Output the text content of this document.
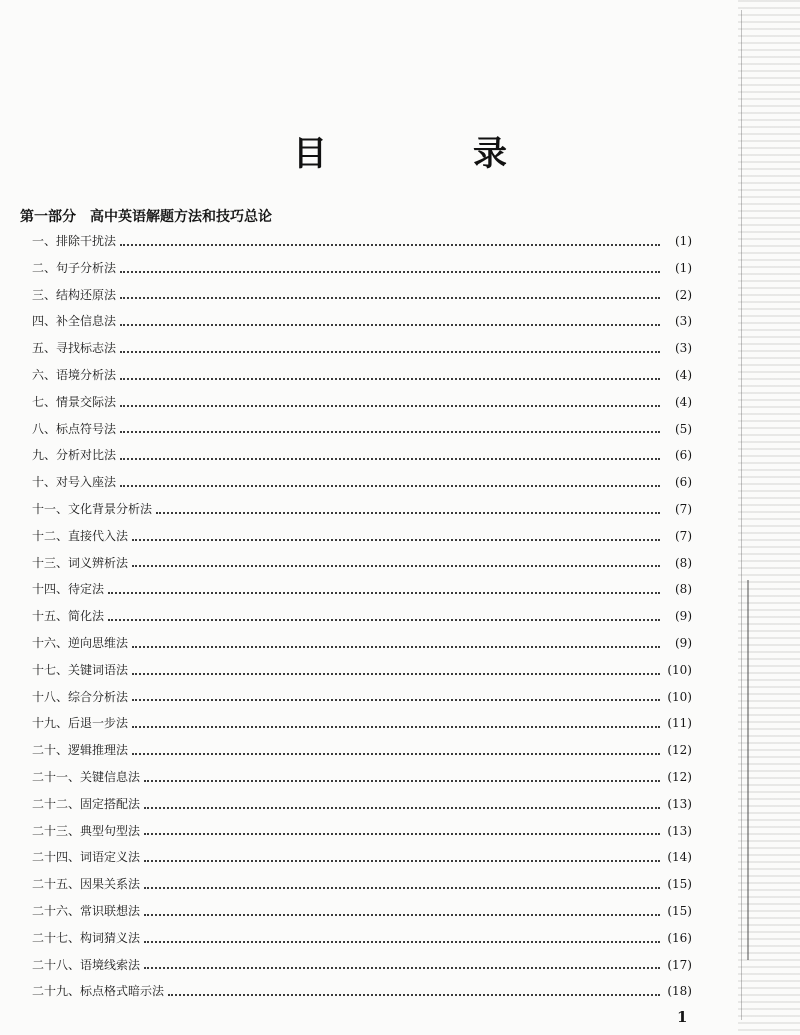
目　录
第一部分 高中英语解题方法和技巧总论
一、排除干扰法	(1)
二、句子分析法	(1)
三、结构还原法	(2)
四、补全信息法	(3)
五、寻找标志法	(3)
六、语境分析法	(4)
七、情景交际法	(4)
八、标点符号法	(5)
九、分析对比法	(6)
十、对号入座法	(6)
十一、文化背景分析法	(7)
十二、直接代入法	(7)
十三、词义辨析法	(8)
十四、待定法	(8)
十五、简化法	(9)
十六、逆向思维法	(9)
十七、关键词语法	(10)
十八、综合分析法	(10)
十九、后退一步法	(11)
二十、逻辑推理法	(12)
二十一、关键信息法	(12)
二十二、固定搭配法	(13)
二十三、典型句型法	(13)
二十四、词语定义法	(14)
二十五、因果关系法	(15)
二十六、常识联想法	(15)
二十七、构词猜义法	(16)
二十八、语境线索法	(17)
二十九、标点格式暗示法	(18)
1
